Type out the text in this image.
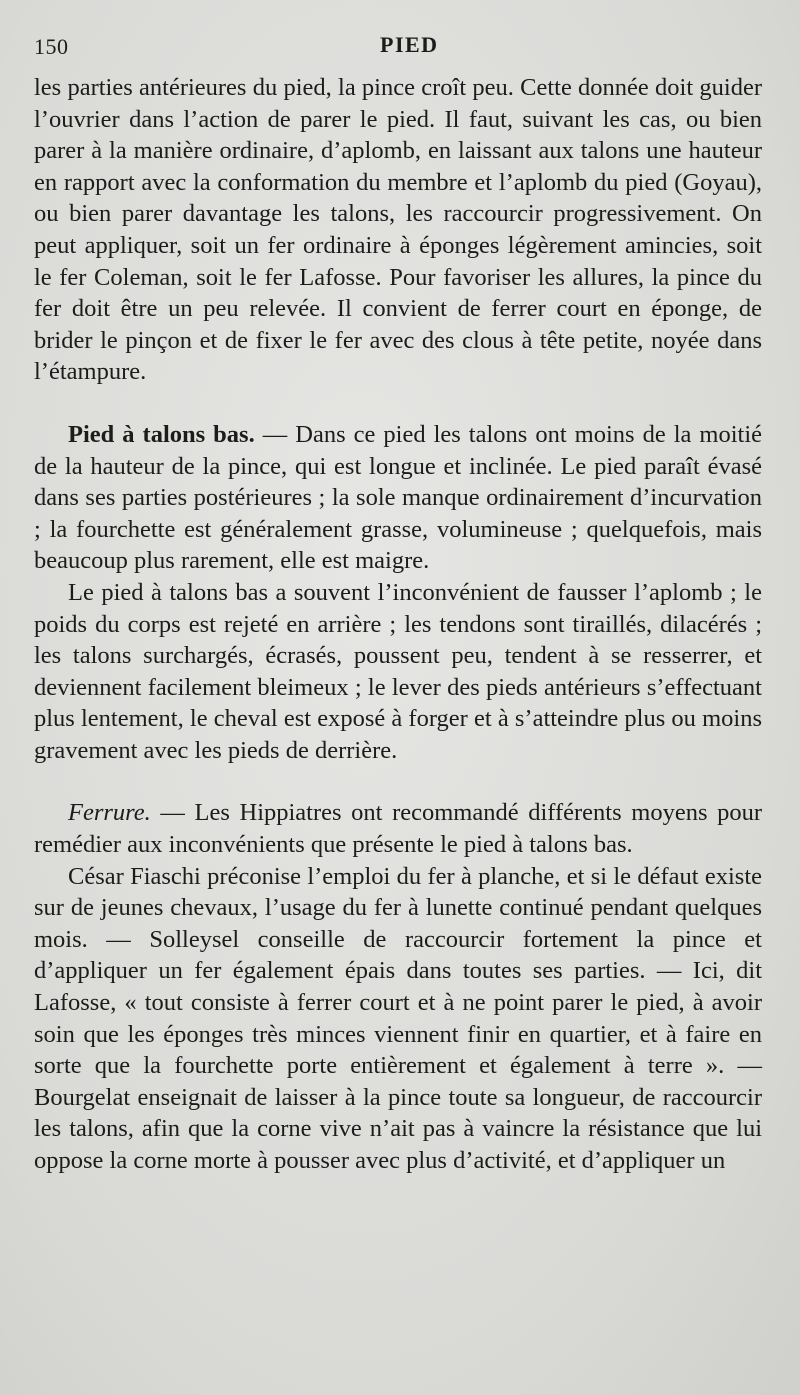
150	PIED

les parties antérieures du pied, la pince croît peu. Cette donnée doit guider l’ouvrier dans l’action de parer le pied. Il faut, suivant les cas, ou bien parer à la manière ordinaire, d’aplomb, en laissant aux talons une hauteur en rapport avec la conformation du membre et l’aplomb du pied (Goyau), ou bien parer davantage les talons, les raccourcir progressivement. On peut appliquer, soit un fer ordinaire à éponges légèrement amincies, soit le fer Coleman, soit le fer Lafosse. Pour favoriser les allures, la pince du fer doit être un peu relevée. Il convient de ferrer court en éponge, de brider le pinçon et de fixer le fer avec des clous à tête petite, noyée dans l’étampure.

Pied à talons bas. — Dans ce pied les talons ont moins de la moitié de la hauteur de la pince, qui est longue et inclinée. Le pied paraît évasé dans ses parties postérieures ; la sole manque ordinairement d’incurvation ; la fourchette est généralement grasse, volumineuse ; quelquefois, mais beaucoup plus rarement, elle est maigre.

Le pied à talons bas a souvent l’inconvénient de fausser l’aplomb ; le poids du corps est rejeté en arrière ; les tendons sont tiraillés, dilacérés ; les talons surchargés, écrasés, poussent peu, tendent à se resserrer, et deviennent facilement bleimeux ; le lever des pieds antérieurs s’effectuant plus lentement, le cheval est exposé à forger et à s’atteindre plus ou moins gravement avec les pieds de derrière.

Ferrure. — Les Hippiatres ont recommandé différents moyens pour remédier aux inconvénients que présente le pied à talons bas.

César Fiaschi préconise l’emploi du fer à planche, et si le défaut existe sur de jeunes chevaux, l’usage du fer à lunette continué pendant quelques mois. — Solleysel conseille de raccourcir fortement la pince et d’appliquer un fer également épais dans toutes ses parties. — Ici, dit Lafosse, « tout consiste à ferrer court et à ne point parer le pied, à avoir soin que les éponges très minces viennent finir en quartier, et à faire en sorte que la fourchette porte entièrement et également à terre ». — Bourgelat enseignait de laisser à la pince toute sa longueur, de raccourcir les talons, afin que la corne vive n’ait pas à vaincre la résistance que lui oppose la corne morte à pousser avec plus d’activité, et d’appliquer un
